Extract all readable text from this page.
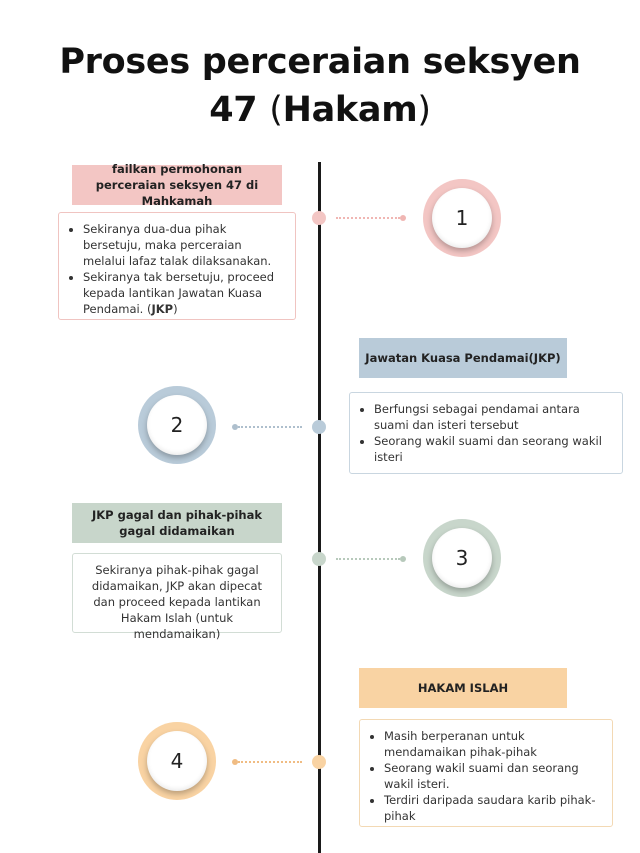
Proses perceraian seksyen
47 (Hakam)
failkan permohonan perceraian seksyen 47 di Mahkamah
• Sekiranya dua-dua pihak bersetuju, maka perceraian melalui lafaz talak dilaksanakan.
• Sekiranya tak bersetuju, proceed kepada lantikan Jawatan Kuasa Pendamai. (JKP)
1
Jawatan Kuasa Pendamai(JKP)
• Berfungsi sebagai pendamai antara suami dan isteri tersebut
• Seorang wakil suami dan seorang wakil isteri
2
JKP gagal dan pihak-pihak gagal didamaikan
Sekiranya pihak-pihak gagal didamaikan, JKP akan dipecat dan proceed kepada lantikan Hakam Islah (untuk mendamaikan)
3
HAKAM ISLAH
• Masih berperanan untuk mendamaikan pihak-pihak
• Seorang wakil suami dan seorang wakil isteri.
• Terdiri daripada saudara karib pihak-pihak
4
